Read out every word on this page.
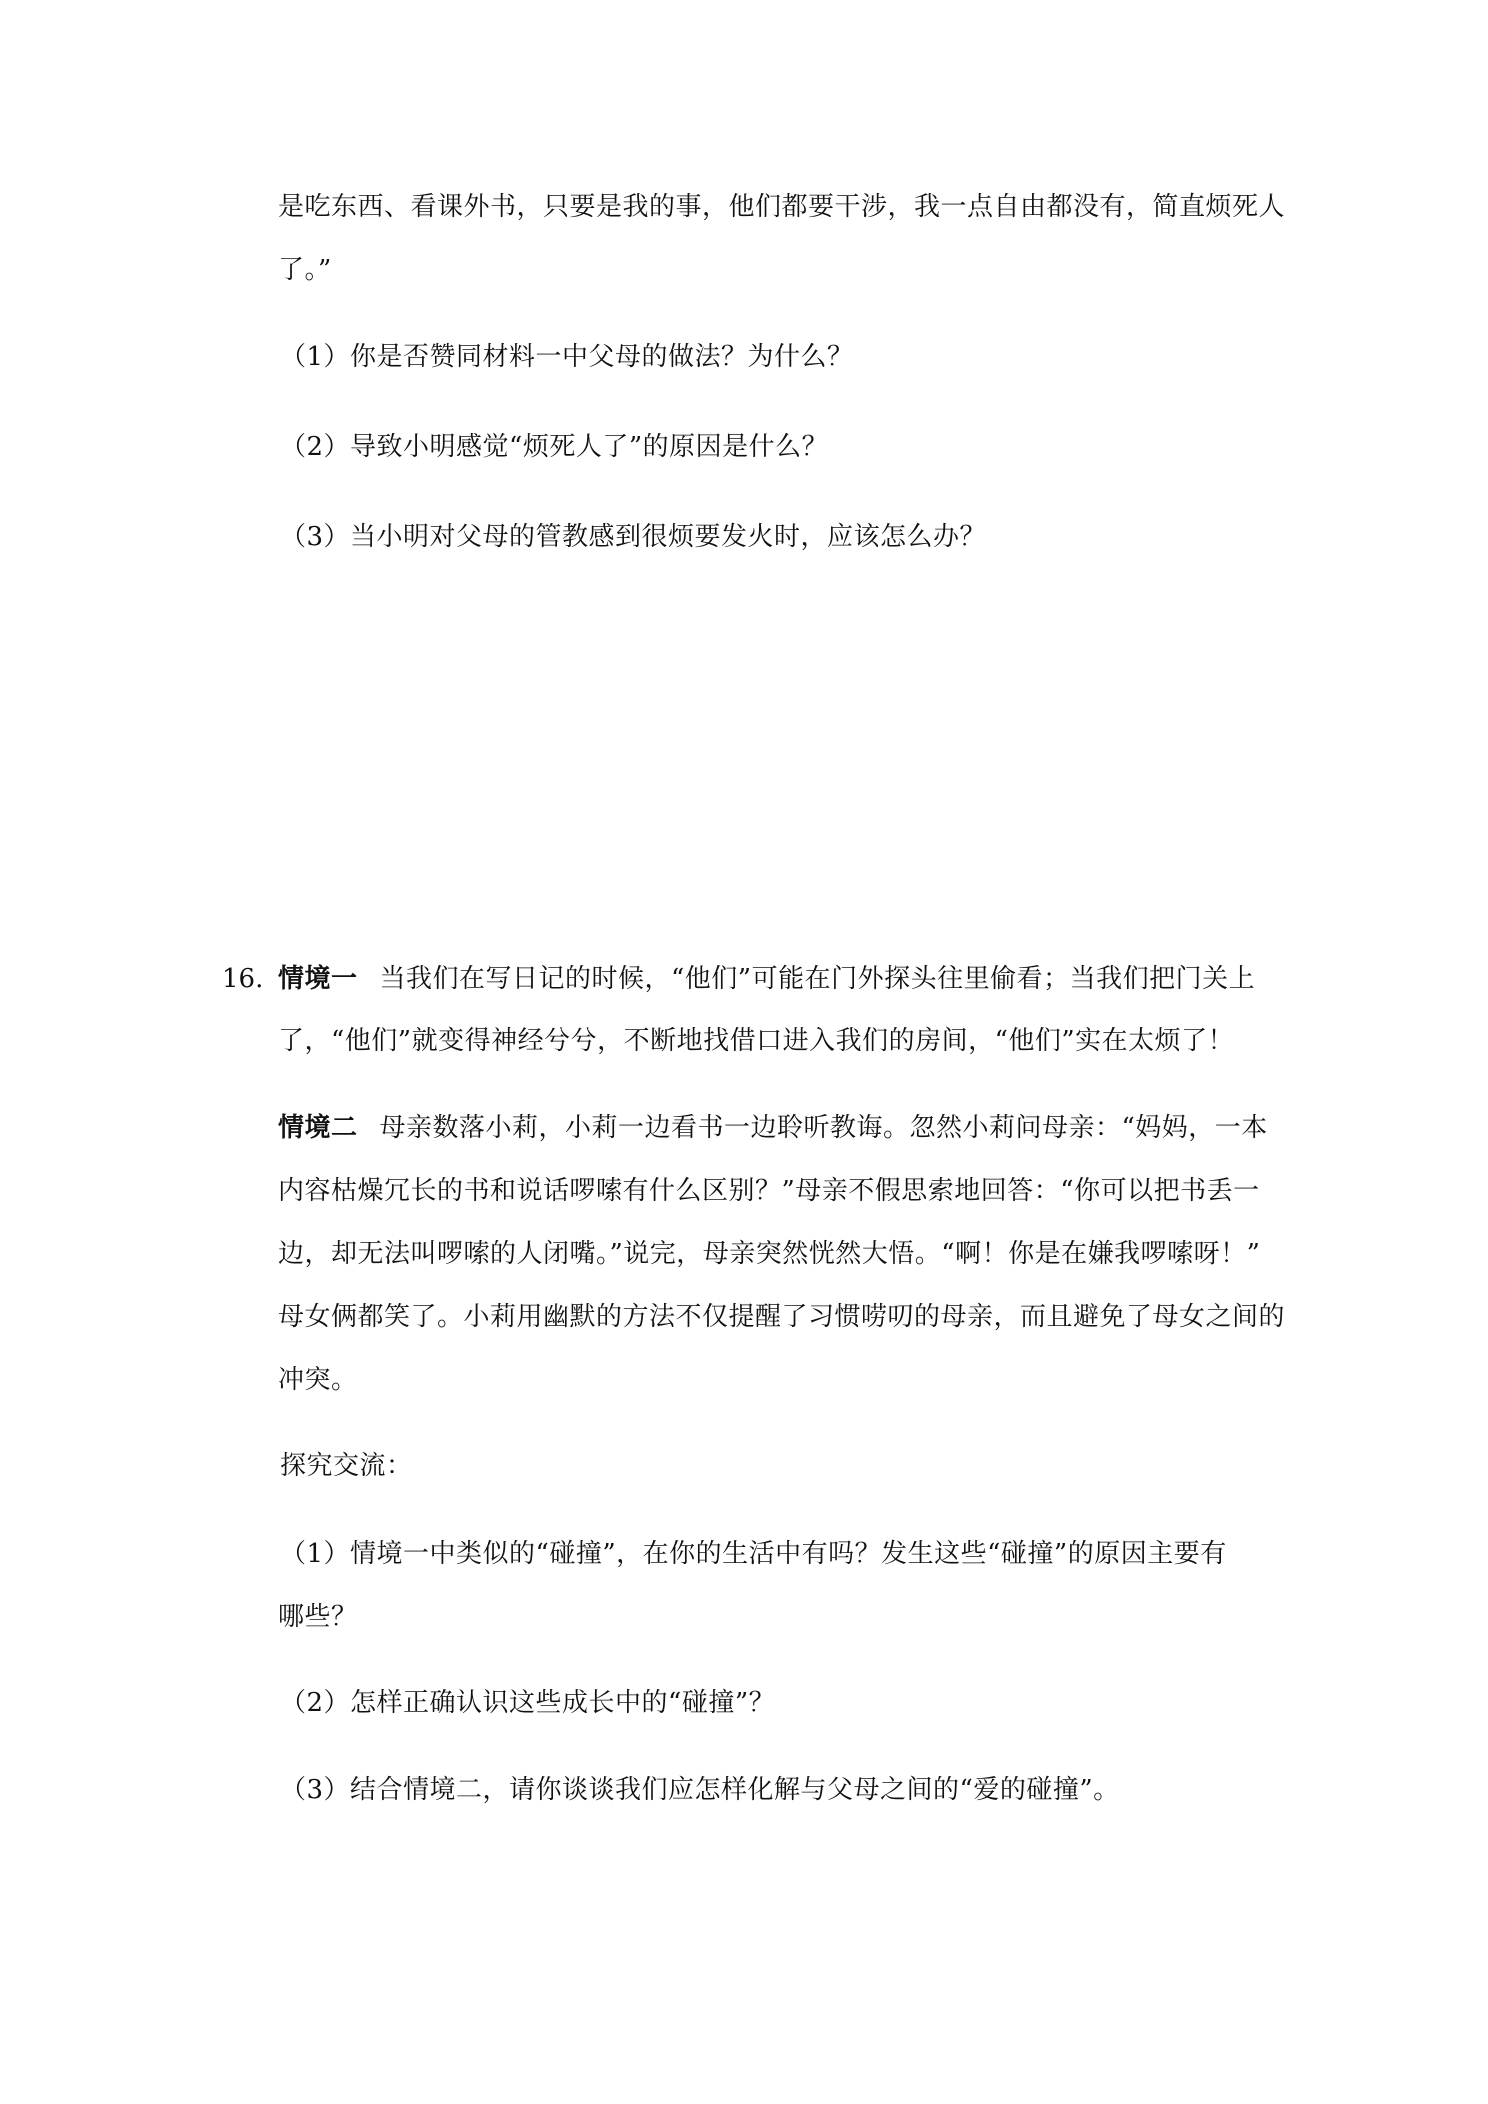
是吃东西、看课外书，只要是我的事，他们都要干涉，我一点自由都没有，简直烦死人
了。”
（1）你是否赞同材料一中父母的做法？为什么？
（2）导致小明感觉“烦死人了”的原因是什么？
（3）当小明对父母的管教感到很烦要发火时，应该怎么办？
16. 情境一 当我们在写日记的时候，“他们”可能在门外探头往里偷看；当我们把门关上
了，“他们”就变得神经兮兮，不断地找借口进入我们的房间，“他们”实在太烦了！
情境二 母亲数落小莉，小莉一边看书一边聆听教诲。忽然小莉问母亲：“妈妈，一本
内容枯燥冗长的书和说话啰嗦有什么区别？”母亲不假思索地回答：“你可以把书丢一
边，却无法叫啰嗦的人闭嘴。”说完，母亲突然恍然大悟。“啊！你是在嫌我啰嗦呀！”
母女俩都笑了。小莉用幽默的方法不仅提醒了习惯唠叨的母亲，而且避免了母女之间的
冲突。
探究交流：
（1）情境一中类似的“碰撞”，在你的生活中有吗？发生这些“碰撞”的原因主要有
哪些？
（2）怎样正确认识这些成长中的“碰撞”？
（3）结合情境二，请你谈谈我们应怎样化解与父母之间的“爱的碰撞”。
